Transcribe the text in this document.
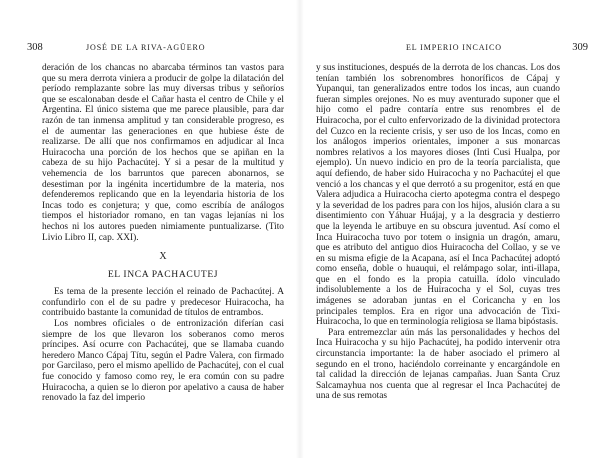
308	JOSÉ DE LA RIVA-AGÜERO

deración de los chancas no abarcaba términos tan vastos para que su mera derrota viniera a producir de golpe la dilatación del período remplazante sobre las muy diversas tribus y señoríos que se escalonaban desde el Cañar hasta el centro de Chile y el Argentina. El único sistema que me parece plausible, para dar razón de tan inmensa amplitud y tan considerable progreso, es el de aumentar las generaciones en que hubiese éste de realizarse. De allí que nos confirmamos en adjudicar al Inca Huiracocha una porción de los hechos que se apiñan en la cabeza de su hijo Pachacútej. Y si a pesar de la multitud y vehemencia de los barruntos que parecen abonarnos, se desestiman por la ingénita incertidumbre de la materia, nos defenderemos replicando que en la leyendaria historia de los Incas todo es conjetura; y que, como escribía de análogos tiempos el historiador romano, en tan vagas lejanías ni los hechos ni los autores pueden nimiamente puntualizarse. (Tito Livio Libro II, cap. XXI).

X
EL INCA PACHACUTEJ

Es tema de la presente lección el reinado de Pachacútej. A confundirlo con el de su padre y predecesor Huiracocha, ha contribuido bastante la comunidad de títulos de entrambos.

Los nombres oficiales o de entronización diferían casi siempre de los que llevaron los soberanos como meros príncipes. Así ocurre con Pachacútej, que se llamaba cuando heredero Manco Cápaj Títu, según el Padre Valera, con firmado por Garcilaso, pero el mismo apellido de Pachacútej, con el cual fue conocido y famoso como rey, le era común con su padre Huiracocha, a quien se lo dieron por apelativo a causa de haber renovado la faz del imperio

EL IMPERIO INCAICO	309

y sus instituciones, después de la derrota de los chancas. Los dos tenían también los sobrenombres honoríficos de Cápaj y Yupanqui, tan generalizados entre todos los incas, aun cuando fueran simples orejones. No es muy aventurado suponer que el hijo como el padre contaría entre sus renombres el de Huiracocha, por el culto enfervorizado de la divinidad protectora del Cuzco en la reciente crisis, y ser uso de los Incas, como en los análogos imperios orientales, imponer a sus monarcas nombres relativos a los mayores dioses (Inti Cusi Hualpa, por ejemplo). Un nuevo indicio en pro de la teoría parcialista, que aquí defiendo, de haber sido Huiracocha y no Pachacútej el que venció a los chancas y el que derrotó a su progenitor, está en que Valera adjudica a Huiracocha cierto apotegma contra el despego y la severidad de los padres para con los hijos, alusión clara a su disentimiento con Yáhuar Huájaj, y a la desgracia y destierro que la leyenda le artibuye en su obscura juventud. Así como el Inca Huiracocha tuvo por totem o insignia un dragón, amaru, que es atributo del antiguo dios Huiracocha del Collao, y se ve en su misma efigie de la Acapana, así el Inca Pachacútej adoptó como enseña, doble o huauqui, el relámpago solar, inti-illapa, que en el fondo es la propia catuilla. ídolo vinculado indisolublemente a los de Huiracocha y el Sol, cuyas tres imágenes se adoraban juntas en el Coricancha y en los principales templos. Era en rigor una advocación de Tixi-Huiracocha, lo que en terminología religiosa se llama bipóstasis.

Para entremezclar aún más las personalidades y hechos del Inca Huiracocha y su hijo Pachacútej, ha podido intervenir otra circunstancia importante: la de haber asociado el primero al segundo en el trono, haciéndolo correinante y encargándole en tal calidad la dirección de lejanas campañas. Juan Santa Cruz Salcamayhua nos cuenta que al regresar el Inca Pachacútej de una de sus remotas
